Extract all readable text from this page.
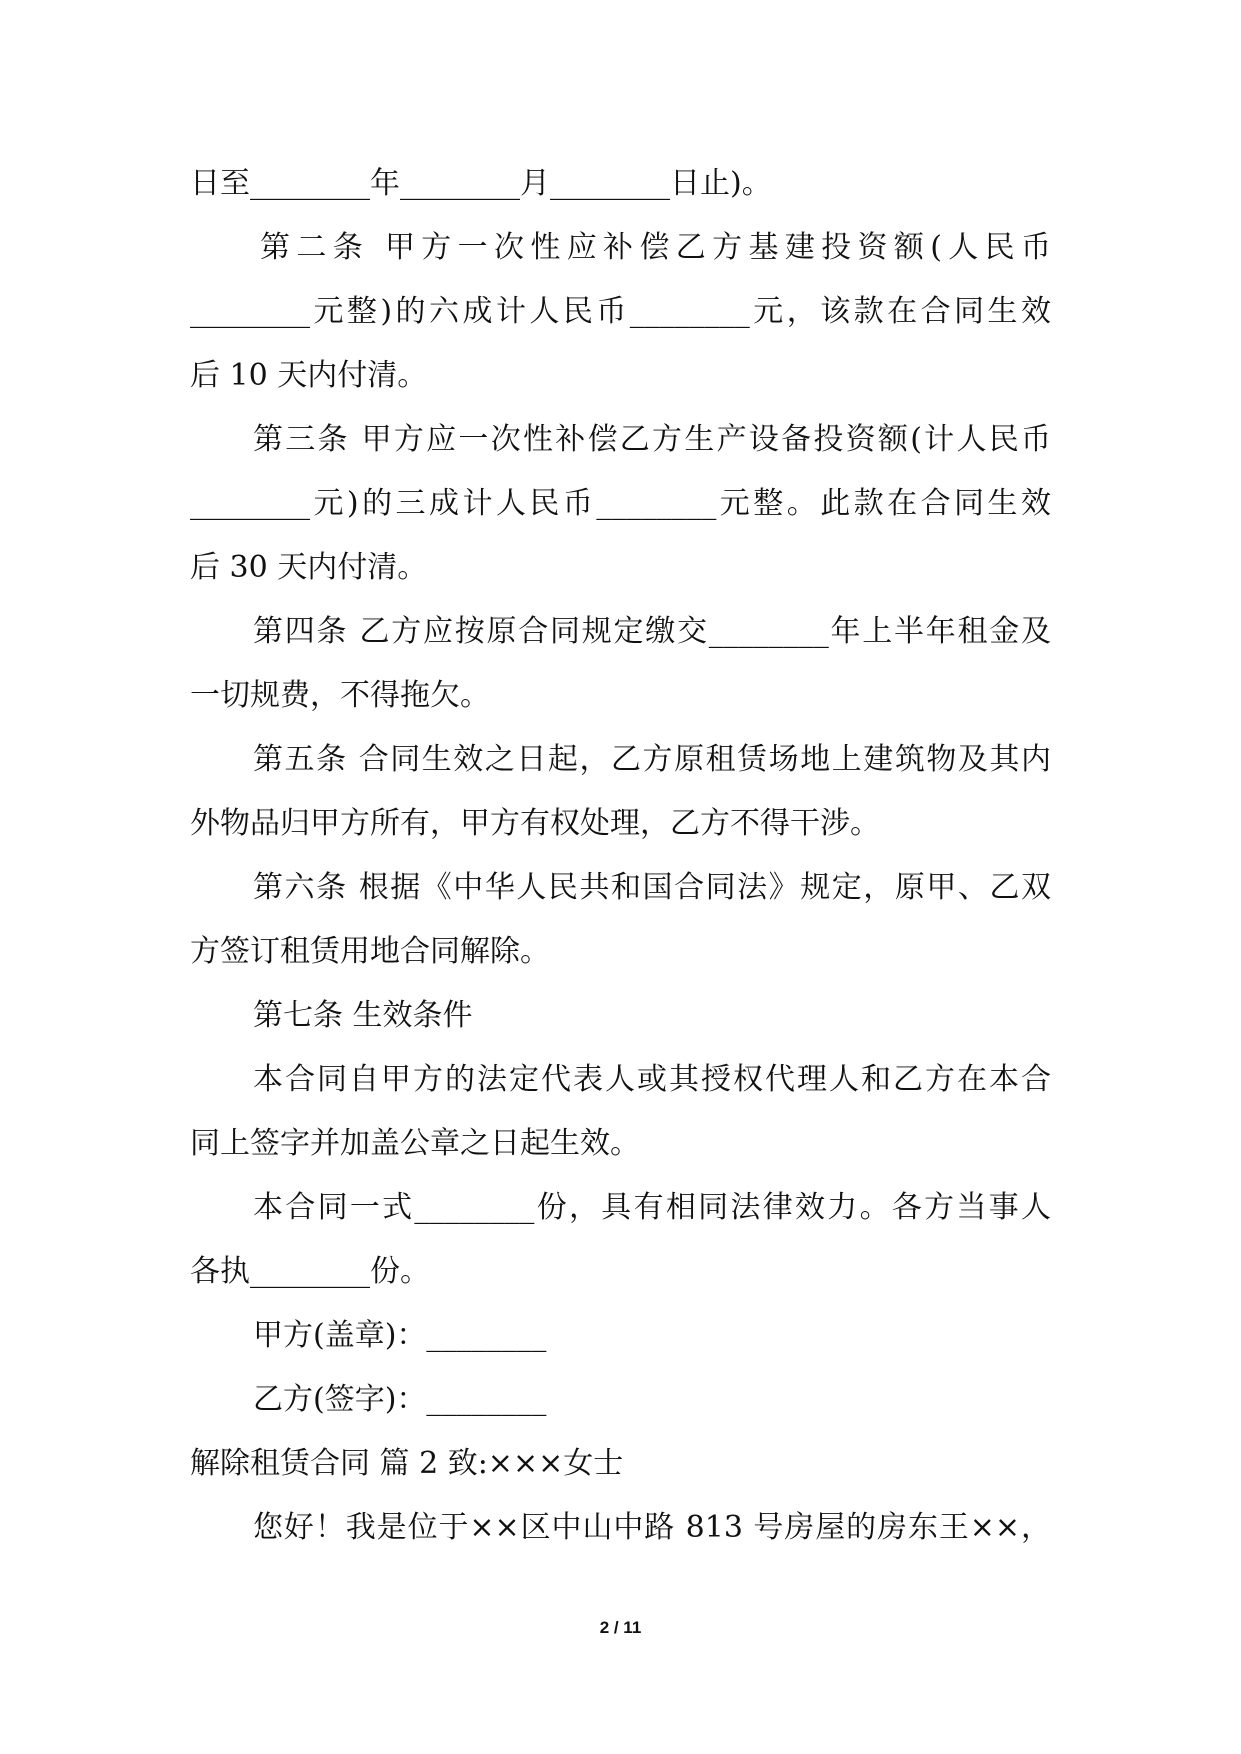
日至________年________月________日止)。
第二条 甲方一次性应补偿乙方基建投资额(人民币
________元整)的六成计人民币________元，该款在合同生效
后 10 天内付清。
第三条 甲方应一次性补偿乙方生产设备投资额(计人民币
________元)的三成计人民币________元整。此款在合同生效
后 30 天内付清。
第四条 乙方应按原合同规定缴交________年上半年租金及
一切规费，不得拖欠。
第五条 合同生效之日起，乙方原租赁场地上建筑物及其内
外物品归甲方所有，甲方有权处理，乙方不得干涉。
第六条 根据《中华人民共和国合同法》规定，原甲、乙双
方签订租赁用地合同解除。
第七条 生效条件
本合同自甲方的法定代表人或其授权代理人和乙方在本合
同上签字并加盖公章之日起生效。
本合同一式________份，具有相同法律效力。各方当事人
各执________份。
甲方(盖章)：________
乙方(签字)：________
解除租赁合同 篇 2 致:×××女士
您好！我是位于××区中山中路 813 号房屋的房东王××，
2 / 11
